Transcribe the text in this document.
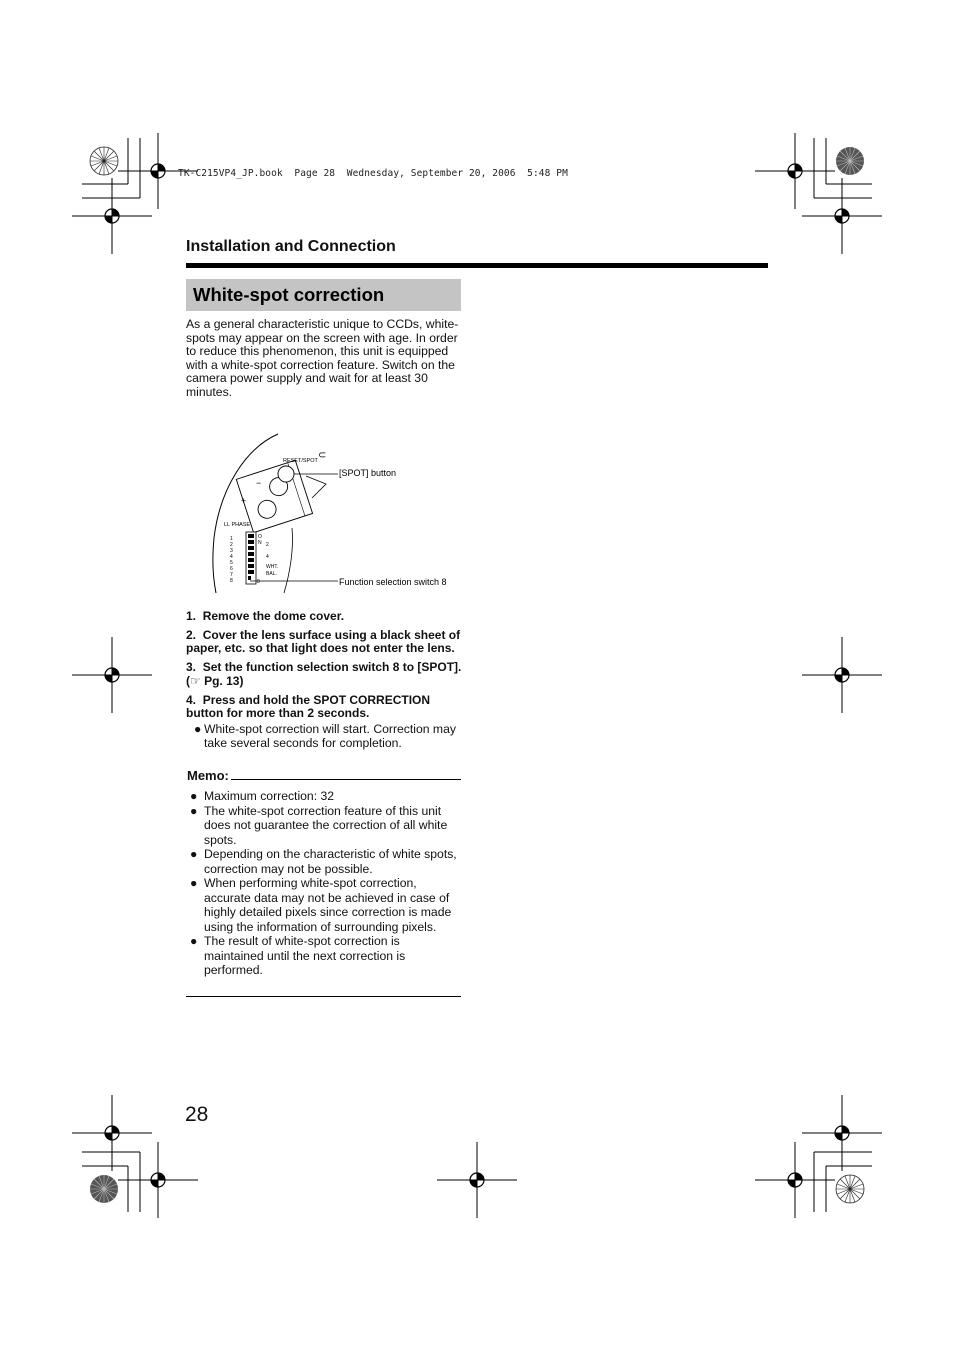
TK-C215VP4_JP.book  Page 28  Wednesday, September 20, 2006  5:48 PM
Installation and Connection
White-spot correction
As a general characteristic unique to CCDs, white-spots may appear on the screen with age. In order to reduce this phenomenon, this unit is equipped with a white-spot correction feature. Switch on the camera power supply and wait for at least 30 minutes.
1
2
3
4
5
6
7
8
RESET/SPOT ⊂
LL PHASE
O
N 2
4
WHT.
BAL.
8
+
−
[SPOT] button
Function selection switch 8
1. Remove the dome cover.
2. Cover the lens surface using a black sheet of paper, etc. so that light does not enter the lens.
3. Set the function selection switch 8 to [SPOT]. (☞ Pg. 13)
4. Press and hold the SPOT CORRECTION button for more than 2 seconds.
● White-spot correction will start. Correction may take several seconds for completion.
Memo:
● Maximum correction: 32
● The white-spot correction feature of this unit does not guarantee the correction of all white spots.
● Depending on the characteristic of white spots, correction may not be possible.
● When performing white-spot correction, accurate data may not be achieved in case of highly detailed pixels since correction is made using the information of surrounding pixels.
● The result of white-spot correction is maintained until the next correction is performed.
28
